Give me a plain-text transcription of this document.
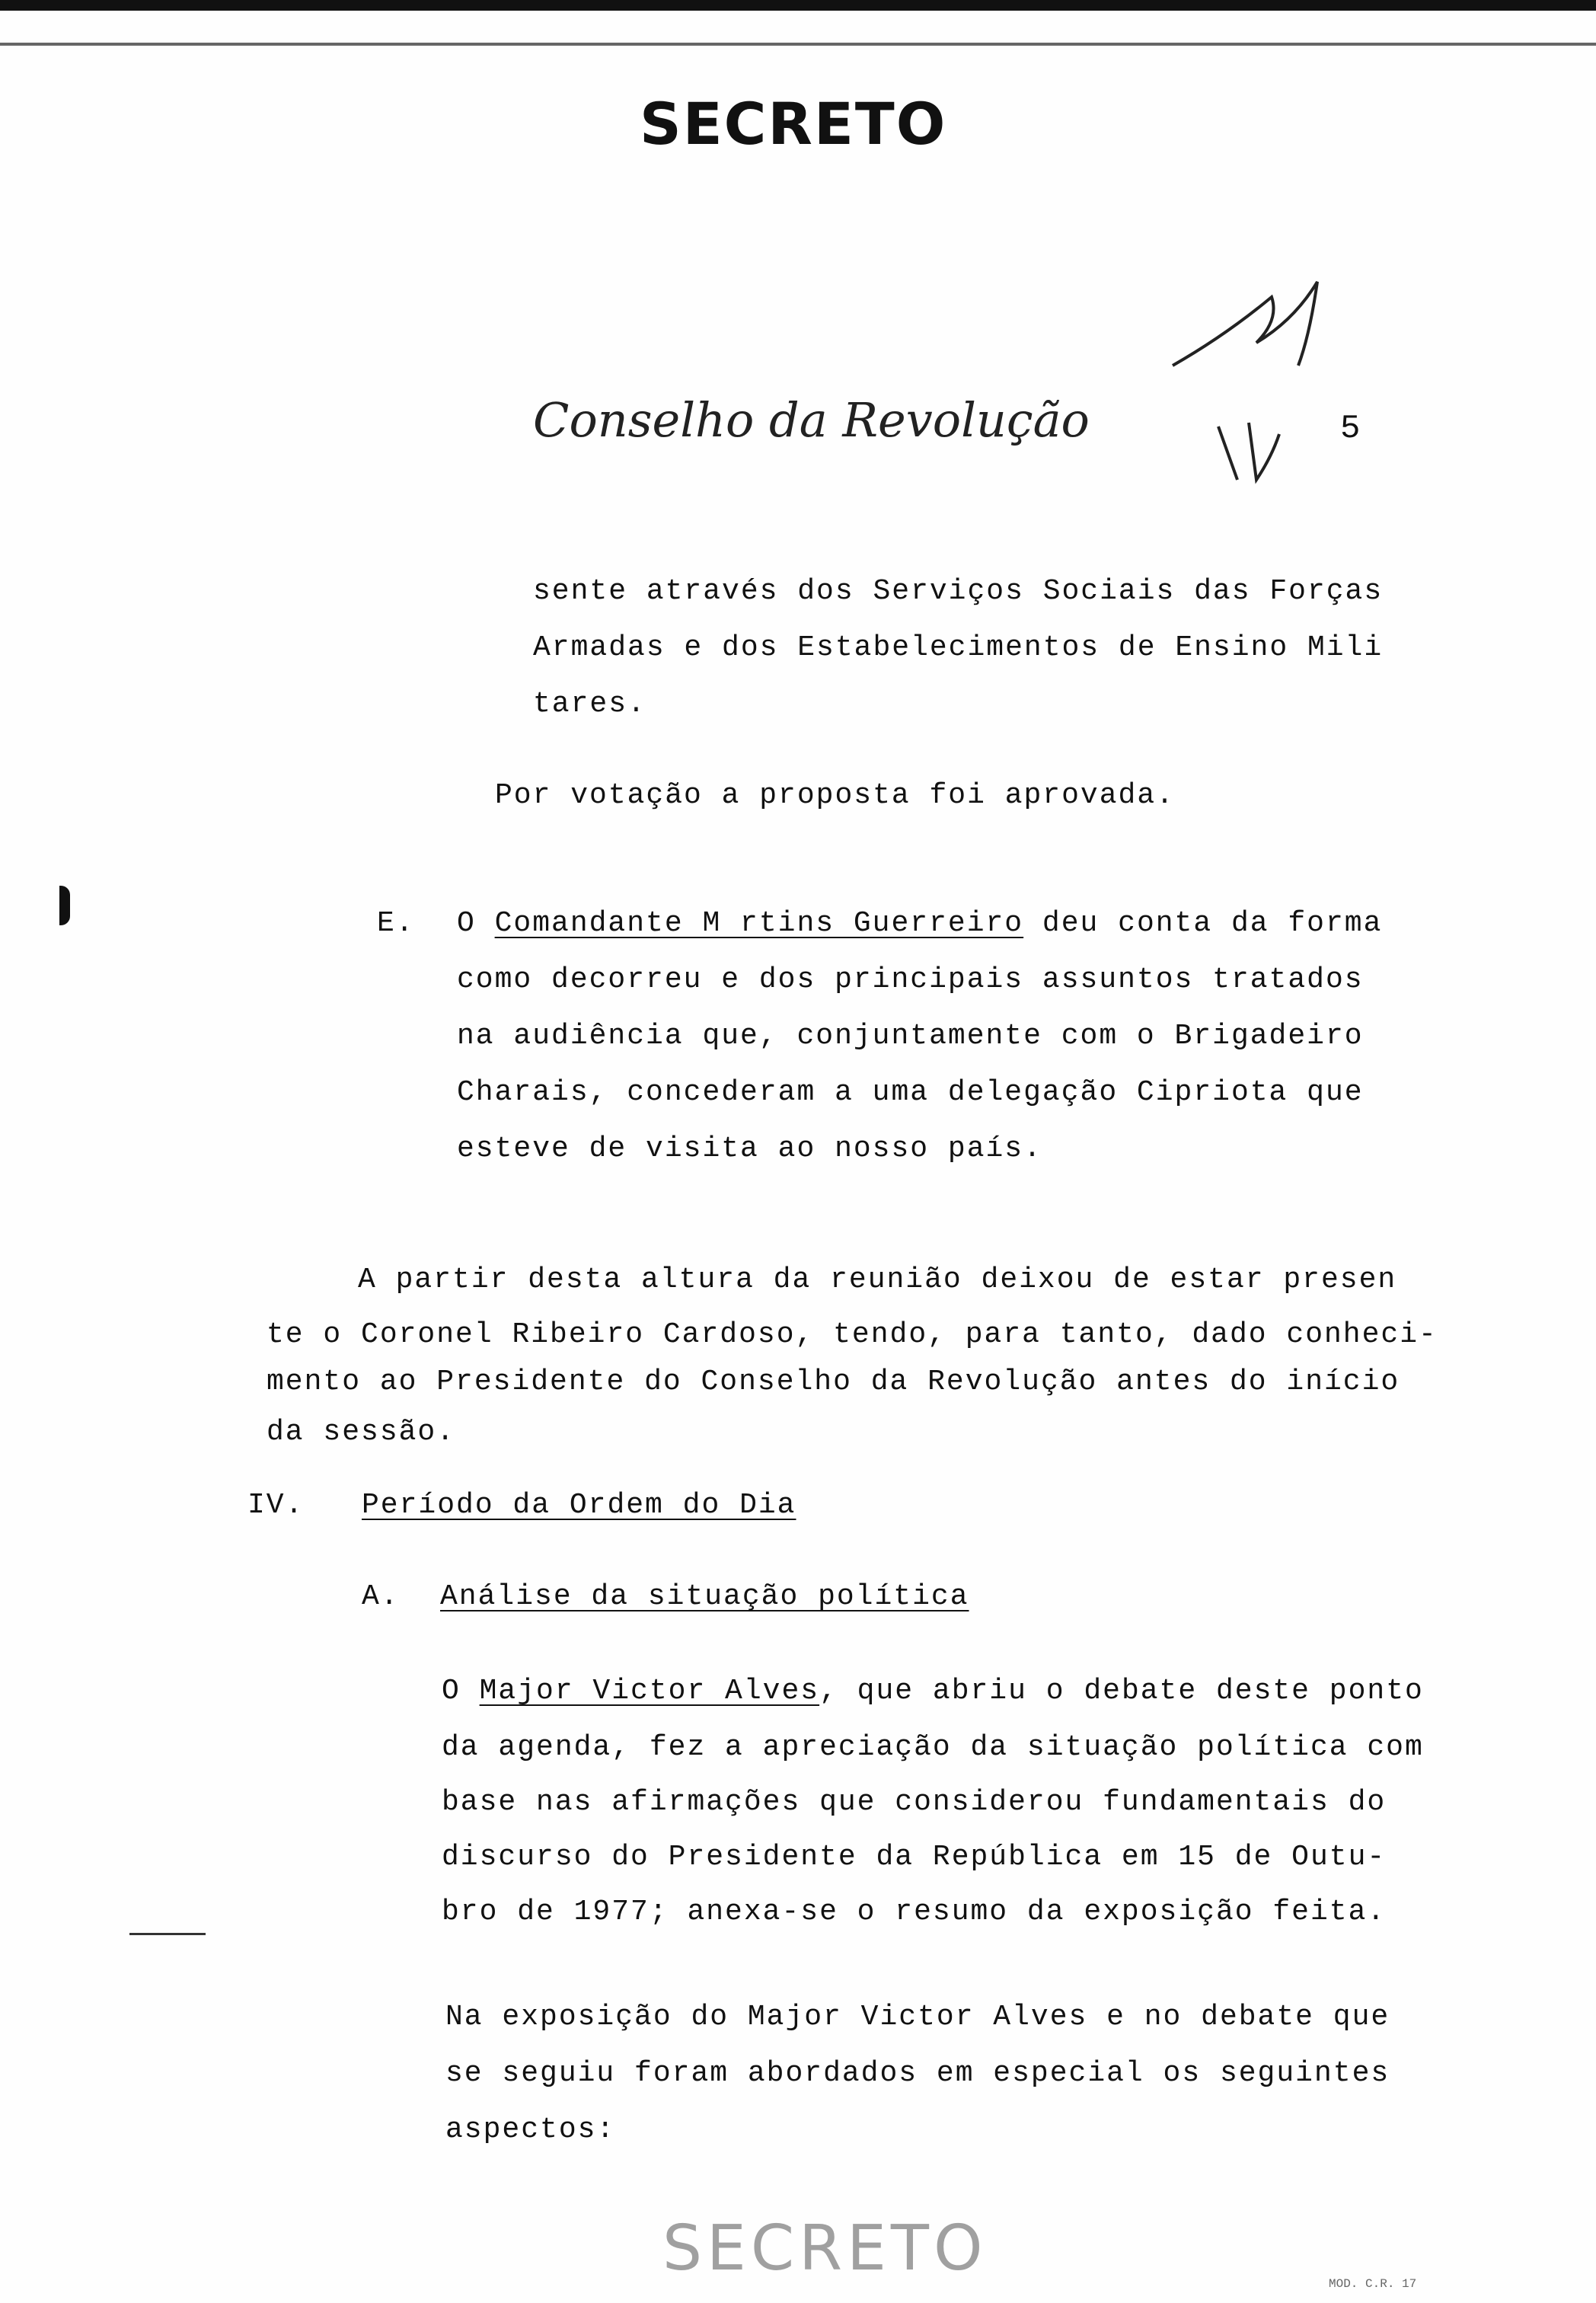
SECRETO
Conselho da Revolução	5
sente através dos Serviços Sociais das Forças
Armadas e dos Estabelecimentos de Ensino Mili
tares.
Por votação a proposta foi aprovada.
E. O Comandante M rtins Guerreiro deu conta da forma
como decorreu e dos principais assuntos tratados
na audiência que, conjuntamente com o Brigadeiro
Charais, concederam a uma delegação Cipriota que
esteve de visita ao nosso país.
A partir desta altura da reunião deixou de estar presen
te o Coronel Ribeiro Cardoso, tendo, para tanto, dado conheci-
mento ao Presidente do Conselho da Revolução antes do início
da sessão.
IV. Período da Ordem do Dia
A. Análise da situação política
O Major Victor Alves, que abriu o debate deste ponto
da agenda, fez a apreciação da situação política com
base nas afirmações que considerou fundamentais do
discurso do Presidente da República em 15 de Outu-
bro de 1977; anexa-se o resumo da exposição feita.
Na exposição do Major Victor Alves e no debate que
se seguiu foram abordados em especial os seguintes
aspectos:
SECRETO	MOD. C.R. 17
